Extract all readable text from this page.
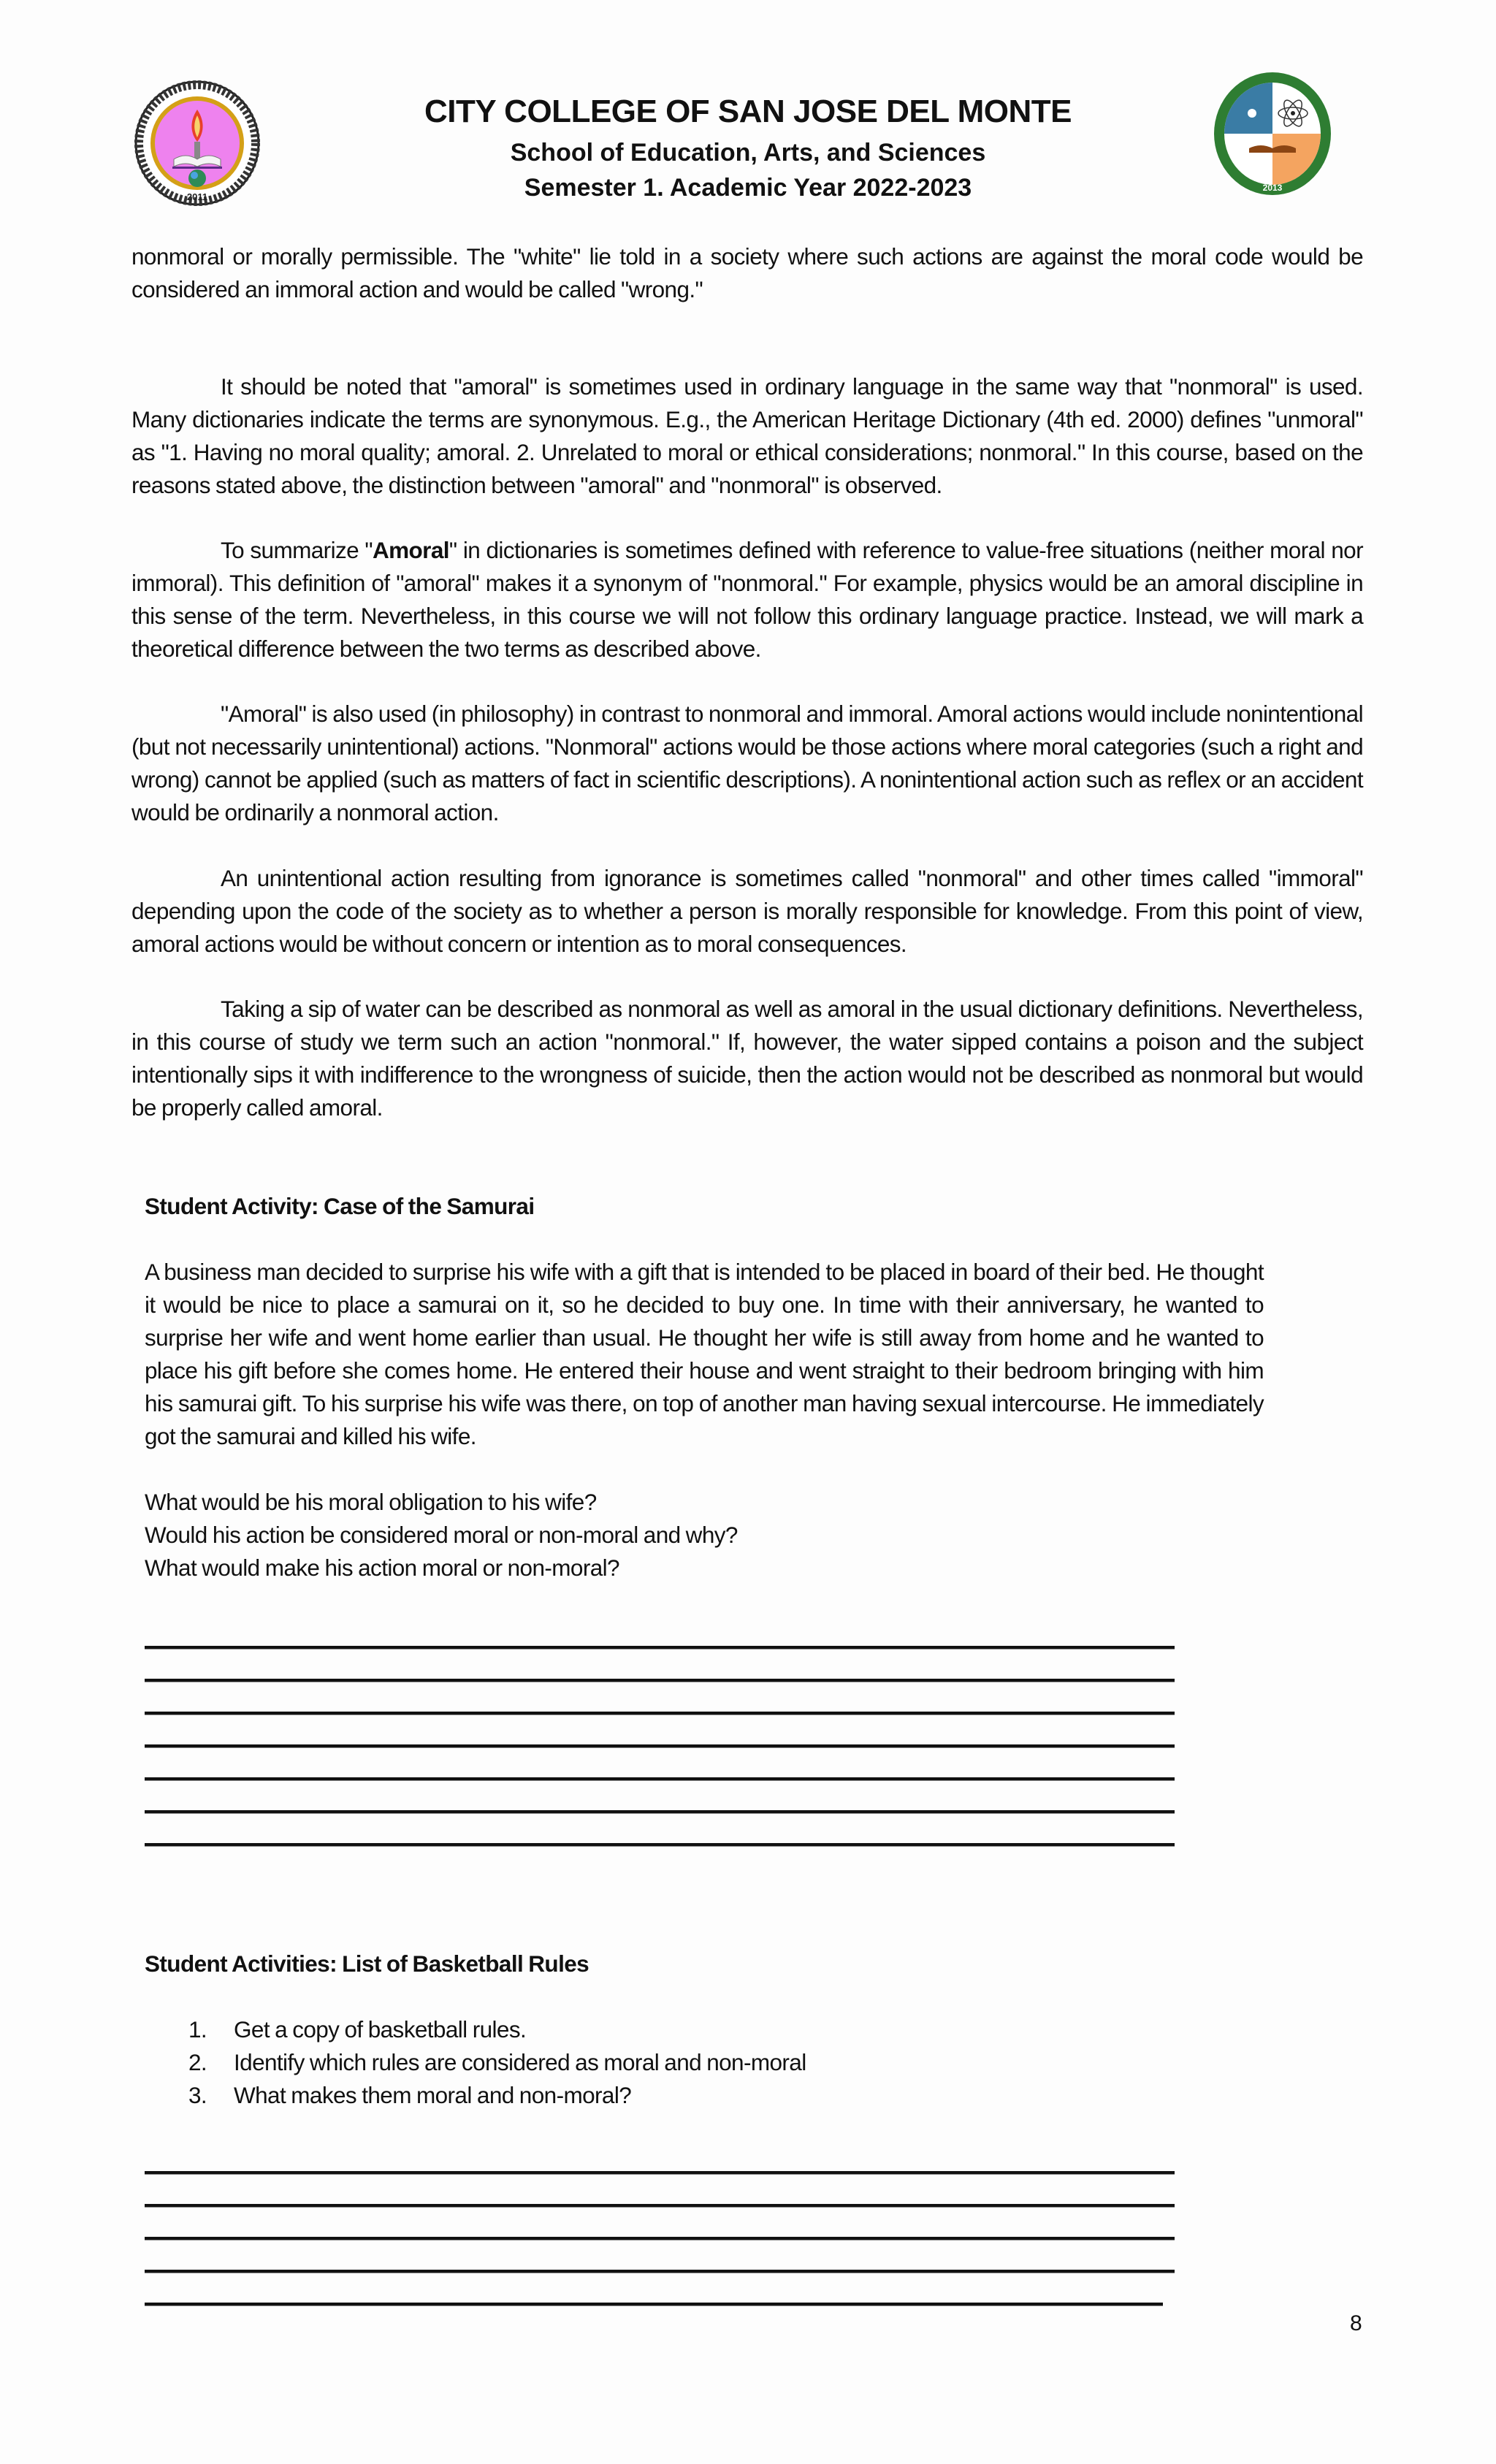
2011
2013
CITY COLLEGE OF SAN JOSE DEL MONTE
School of Education, Arts, and Sciences
Semester 1. Academic Year 2022-2023

nonmoral or morally permissible. The "white" lie told in a society where such actions are against the moral code would be considered an immoral action and would be called "wrong."

It should be noted that "amoral" is sometimes used in ordinary language in the same way that "nonmoral" is used. Many dictionaries indicate the terms are synonymous. E.g., the American Heritage Dictionary (4th ed. 2000) defines "unmoral" as "1. Having no moral quality; amoral. 2. Unrelated to moral or ethical considerations; nonmoral." In this course, based on the reasons stated above, the distinction between "amoral" and "nonmoral" is observed.

To summarize "Amoral" in dictionaries is sometimes defined with reference to value-free situations (neither moral nor immoral). This definition of "amoral" makes it a synonym of "nonmoral." For example, physics would be an amoral discipline in this sense of the term. Nevertheless, in this course we will not follow this ordinary language practice. Instead, we will mark a theoretical difference between the two terms as described above.

"Amoral" is also used (in philosophy) in contrast to nonmoral and immoral. Amoral actions would include nonintentional (but not necessarily unintentional) actions. "Nonmoral" actions would be those actions where moral categories (such a right and wrong) cannot be applied (such as matters of fact in scientific descriptions). A nonintentional action such as reflex or an accident would be ordinarily a nonmoral action.

An unintentional action resulting from ignorance is sometimes called "nonmoral" and other times called "immoral" depending upon the code of the society as to whether a person is morally responsible for knowledge. From this point of view, amoral actions would be without concern or intention as to moral consequences.

Taking a sip of water can be described as nonmoral as well as amoral in the usual dictionary definitions. Nevertheless, in this course of study we term such an action "nonmoral." If, however, the water sipped contains a poison and the subject intentionally sips it with indifference to the wrongness of suicide, then the action would not be described as nonmoral but would be properly called amoral.

Student Activity: Case of the Samurai

A business man decided to surprise his wife with a gift that is intended to be placed in board of their bed. He thought it would be nice to place a samurai on it, so he decided to buy one. In time with their anniversary, he wanted to surprise her wife and went home earlier than usual. He thought her wife is still away from home and he wanted to place his gift before she comes home. He entered their house and went straight to their bedroom bringing with him his samurai gift. To his surprise his wife was there, on top of another man having sexual intercourse. He immediately got the samurai and killed his wife.

What would be his moral obligation to his wife?

Would his action be considered moral or non-moral and why?

What would make his action moral or non-moral?

Student Activities: List of Basketball Rules

1. Get a copy of basketball rules.
2. Identify which rules are considered as moral and non-moral
3. What makes them moral and non-moral?
8
